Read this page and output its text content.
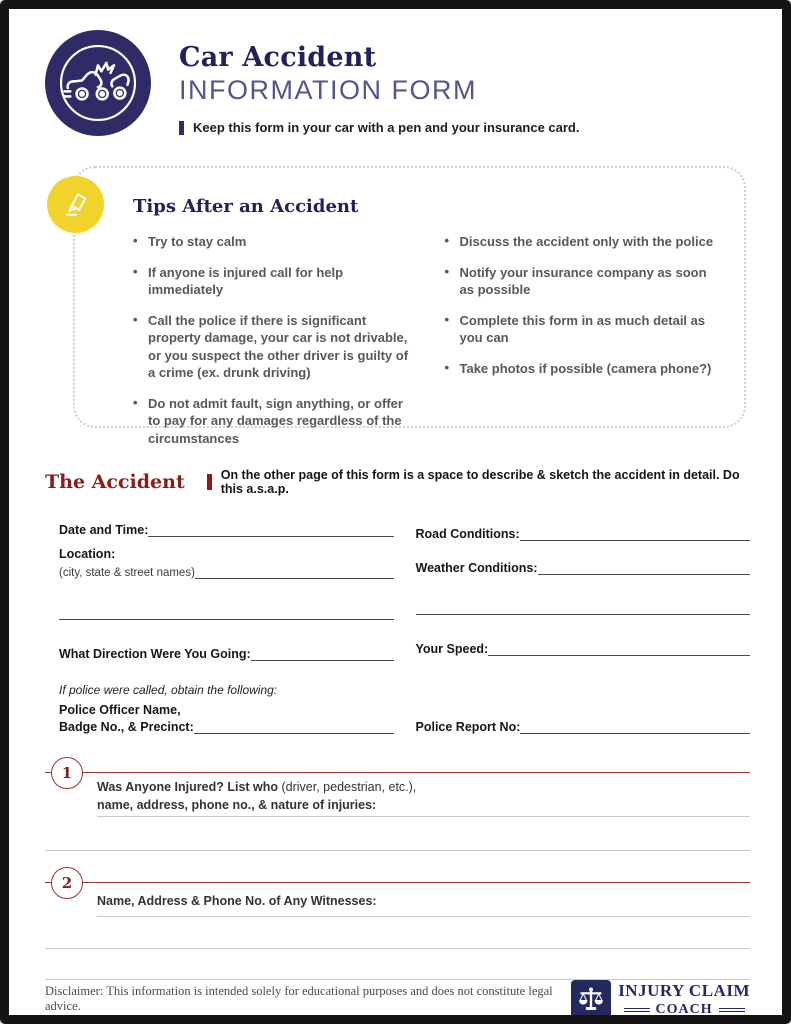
Car Accident
INFORMATION FORM
Keep this form in your car with a pen and your insurance card.
Tips After an Accident
• Try to stay calm
• If anyone is injured call for help immediately
• Call the police if there is significant property damage, your car is not drivable, or you suspect the other driver is guilty of a crime (ex. drunk driving)
• Do not admit fault, sign anything, or offer to pay for any damages regardless of the circumstances
• Discuss the accident only with the police
• Notify your insurance company as soon as possible
• Complete this form in as much detail as you can
• Take photos if possible (camera phone?)
The Accident	On the other page of this form is a space to describe & sketch the accident in detail. Do this a.s.a.p.
Date and Time:
Location:
(city, state & street names)
What Direction Were You Going:
Road Conditions:
Weather Conditions:
Your Speed:
If police were called, obtain the following:
Police Officer Name,
Badge No., & Precinct:	Police Report No:
1
Was Anyone Injured? List who (driver, pedestrian, etc.),
name, address, phone no., & nature of injuries:
2
Name, Address & Phone No. of Any Witnesses:
Disclaimer: This information is intended solely for educational purposes and does not constitute legal advice.
INJURY CLAIM
COACH
